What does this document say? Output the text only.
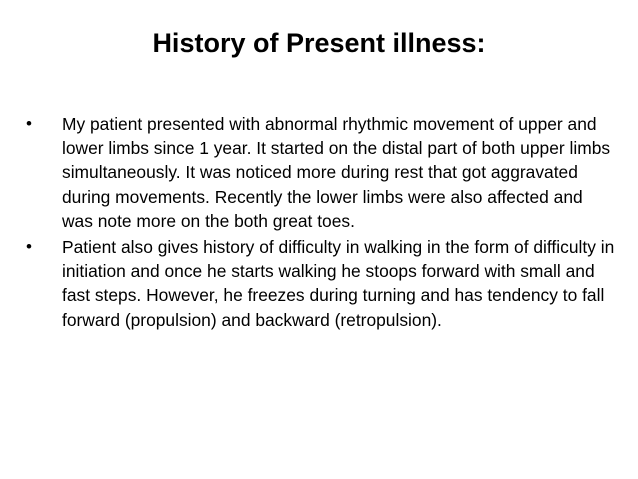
History of Present illness:
•	My patient presented with abnormal rhythmic movement of upper and lower limbs since 1 year. It started on the distal part of both upper limbs simultaneously. It was noticed more during rest that got aggravated during movements. Recently the lower limbs were also affected and was note more on the both great toes.
•	Patient also gives history of difficulty in walking in the form of difficulty in initiation and once he starts walking he stoops forward with small and fast steps. However, he freezes during turning and has tendency to fall forward (propulsion) and backward (retropulsion).
